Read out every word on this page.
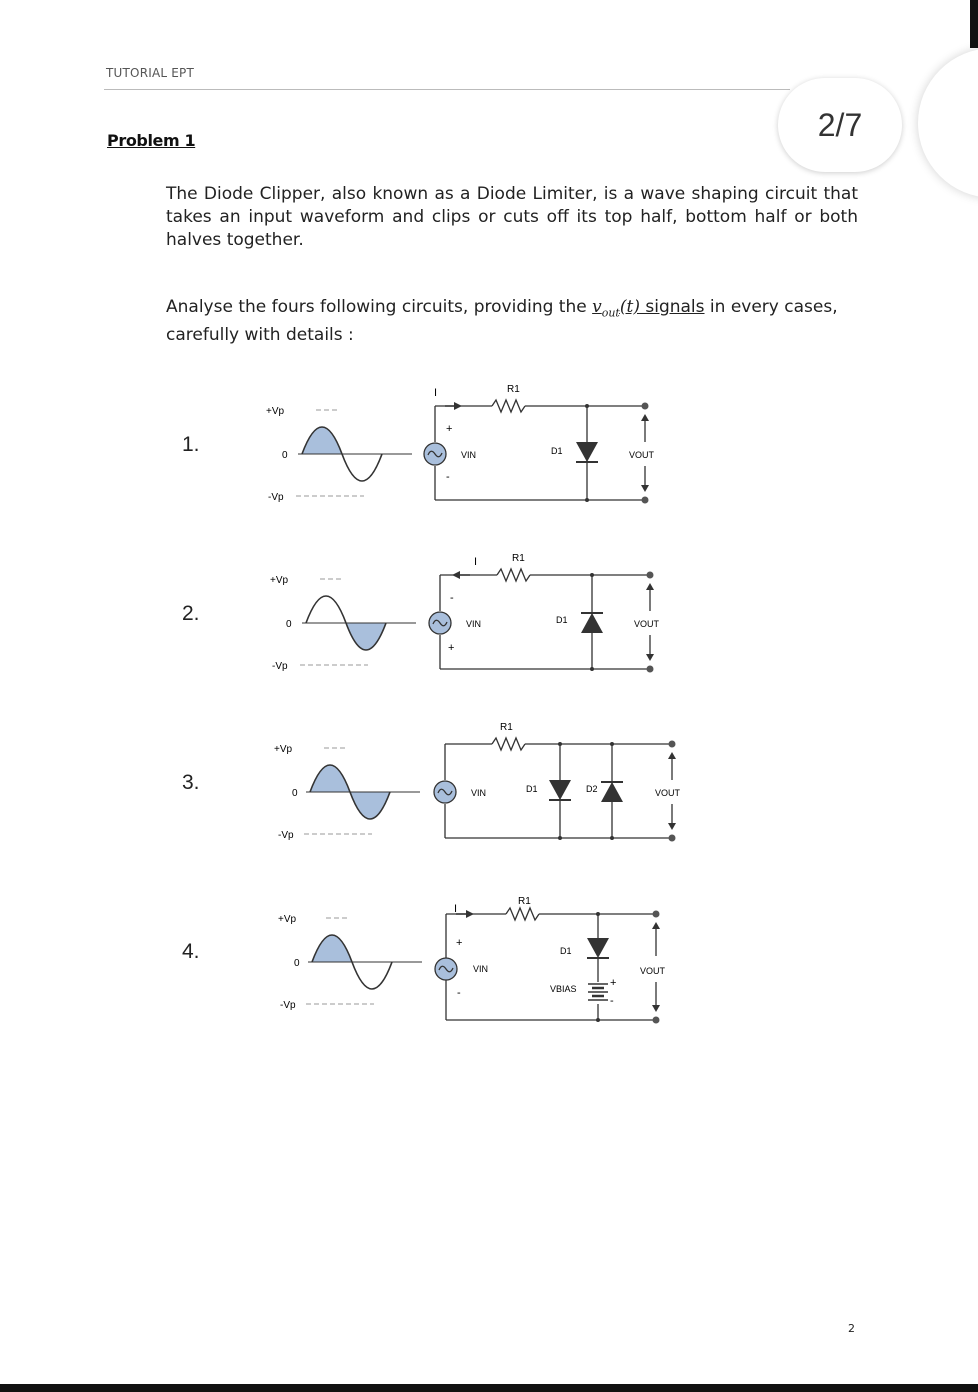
TUTORIAL EPT
2/7
Problem 1
The Diode Clipper, also known as a Diode Limiter, is a wave shaping circuit that takes an input waveform and clips or cuts off its top half, bottom half or both halves together.
Analyse the fours following circuits, providing the $v_{out}(t)$ signals in every cases, carefully with details :
1.
2.
3.
4.
+Vp
0
-Vp
I	R1
+
-
VIN	D1	VOUT
+Vp
0
-Vp
I	R1
-
+
VIN	D1	VOUT
+Vp
0
-Vp
R1
VIN	D1	D2	VOUT
+Vp
0
-Vp
I
R1
+
-
VIN
D1
VBIAS	+
-
VOUT
2
